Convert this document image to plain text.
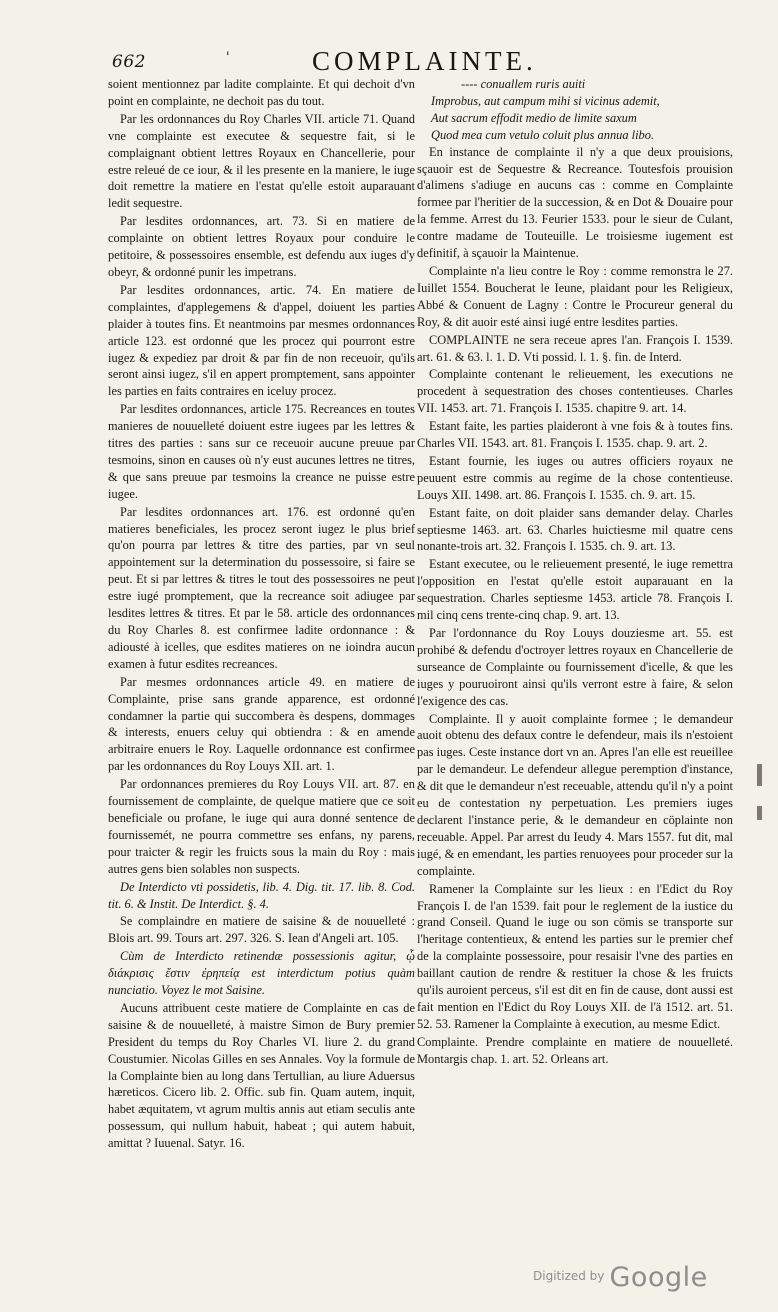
662	'	COMPLAINTE.

soient mentionnez par ladite complainte. Et qui dechoit d'vn point en complainte, ne dechoit pas du tout.

Par les ordonnances du Roy Charles VII. article 71. Quand vne complainte est executee & sequestre fait, si le complaignant obtient lettres Royaux en Chancellerie, pour estre releué de ce iour, & il les presente en la maniere, le iuge doit remettre la matiere en l'estat qu'elle estoit auparauant ledit sequestre.

Par lesdites ordonnances, art. 73. Si en matiere de complainte on obtient lettres Royaux pour conduire le petitoire, & possessoires ensemble, est defendu aux iuges d'y obeyr, & ordonné punir les impetrans.

Par lesdites ordonnances, artic. 74. En matiere de complaintes, d'applegemens & d'appel, doiuent les parties plaider à toutes fins. Et neantmoins par mesmes ordonnances article 123. est ordonné que les procez qui pourront estre iugez & expediez par droit & par fin de non receuoir, qu'ils seront ainsi iugez, s'il en appert promptement, sans appointer les parties en faits contraires en iceluy procez.

Par lesdites ordonnances, article 175. Recreances en toutes manieres de nouuelleté doiuent estre iugees par les lettres & titres des parties : sans sur ce receuoir aucune preuue par tesmoins, sinon en causes où n'y eust aucunes lettres ne titres, & que sans preuue par tesmoins la creance ne puisse estre iugee.

Par lesdites ordonnances art. 176. est ordonné qu'en matieres beneficiales, les procez seront iugez le plus brief qu'on pourra par lettres & titre des parties, par vn seul appointement sur la determination du possessoire, si faire se peut. Et si par lettres & titres le tout des possessoires ne peut estre iugé promptement, que la recreance soit adiugee par lesdites lettres & titres. Et par le 58. article des ordonnances du Roy Charles 8. est confirmee ladite ordonnance : & adiousté à icelles, que esdites matieres on ne ioindra aucun examen à futur esdites recreances.

Par mesmes ordonnances article 49. en matiere de Complainte, prise sans grande apparence, est ordonné condamner la partie qui succombera ès despens, dommages & interests, enuers celuy qui obtiendra : & en amende arbitraire enuers le Roy. Laquelle ordonnance est confirmee par les ordonnances du Roy Louys XII. art. 1.

Par ordonnances premieres du Roy Louys VII. art. 87. en fournissement de complainte, de quelque matiere que ce soit beneficiale ou profane, le iuge qui aura donné sentence de fournissemét, ne pourra commettre ses enfans, ny parens, pour traicter & regir les fruicts sous la main du Roy : mais autres gens bien solables non suspects.

De Interdicto vti possidetis, lib. 4. Dig. tit. 17. lib. 8. Cod. tit. 6. & Instit. De Interdict. §. 4.

Se complaindre en matiere de saisine & de nouuelleté : Blois art. 99. Tours art. 297. 326. S. Iean d'Angeli art. 105.

Cùm de Interdicto retinendæ possessionis agitur, ᾧ διάκρισις ἔστιν ἐρηπείᾳ est interdictum potius quàm nunciatio. Voyez le mot Saisine.

Aucuns attribuent ceste matiere de Complainte en cas de saisine & de nouuelleté, à maistre Simon de Bury premier President du temps du Roy Charles VI. liure 2. du grand Coustumier. Nicolas Gilles en ses Annales. Voy la formule de la Complainte bien au long dans Tertullian, au liure Aduersus hæreticos. Cicero lib. 2. Offic. sub fin. Quam autem, inquit, habet æquitatem, vt agrum multis annis aut etiam seculis ante possessum, qui nullum habuit, habeat ; qui autem habuit, amittat ? Iuuenal. Satyr. 16.

---- conuallem ruris auiti

Improbus, aut campum mihi si vicinus ademit,

Aut sacrum effodit medio de limite saxum

Quod mea cum vetulo coluit plus annua libo.

En instance de complainte il n'y a que deux prouisions, sçauoir est de Sequestre & Recreance. Toutesfois prouision d'alimens s'adiuge en aucuns cas : comme en Complainte formee par l'heritier de la succession, & en Dot & Douaire pour la femme. Arrest du 13. Feurier 1533. pour le sieur de Culant, contre madame de Touteuille. Le troisiesme iugement est definitif, à sçauoir la Maintenue.

Complainte n'a lieu contre le Roy : comme remonstra le 27. Iuillet 1554. Boucherat le Ieune, plaidant pour les Religieux, Abbé & Conuent de Lagny : Contre le Procureur general du Roy, & dit auoir esté ainsi iugé entre lesdites parties.

COMPLAINTE ne sera receue apres l'an. François I. 1539. art. 61. & 63. l. 1. D. Vti possid. l. 1. §. fin. de Interd.

Complainte contenant le relieuement, les executions ne procedent à sequestration des choses contentieuses. Charles VII. 1453. art. 71. François I. 1535. chapitre 9. art. 14.

Estant faite, les parties plaideront à vne fois & à toutes fins. Charles VII. 1543. art. 81. François I. 1535. chap. 9. art. 2.

Estant fournie, les iuges ou autres officiers royaux ne peuuent estre commis au regime de la chose contentieuse. Louys XII. 1498. art. 86. François I. 1535. ch. 9. art. 15.

Estant faite, on doit plaider sans demander delay. Charles septiesme 1463. art. 63. Charles huictiesme mil quatre cens nonante-trois art. 32. François I. 1535. ch. 9. art. 13.

Estant executee, ou le relieuement presenté, le iuge remettra l'opposition en l'estat qu'elle estoit auparauant en la sequestration. Charles septiesme 1453. article 78. François I. mil cinq cens trente-cinq chap. 9. art. 13.

Par l'ordonnance du Roy Louys douziesme art. 55. est prohibé & defendu d'octroyer lettres royaux en Chancellerie de surseance de Complainte ou fournissement d'icelle, & que les iuges y pouruoiront ainsi qu'ils verront estre à faire, & selon l'exigence des cas.

Complainte. Il y auoit complainte formee ; le demandeur auoit obtenu des defaux contre le defendeur, mais ils n'estoient pas iuges. Ceste instance dort vn an. Apres l'an elle est reueillee par le demandeur. Le defendeur allegue peremption d'instance, & dit que le demandeur n'est receuable, attendu qu'il n'y a point eu de contestation ny perpetuation. Les premiers iuges declarent l'instance perie, & le demandeur en cöplainte non receuable. Appel. Par arrest du Ieudy 4. Mars 1557. fut dit, mal iugé, & en emendant, les parties renuoyees pour proceder sur la complainte.

Ramener la Complainte sur les lieux : en l'Edict du Roy François I. de l'an 1539. fait pour le reglement de la iustice du grand Conseil. Quand le iuge ou son cömis se transporte sur l'heritage contentieux, & entend les parties sur le premier chef de la complainte possessoire, pour resaisir l'vne des parties en baillant caution de rendre & restituer la chose & les fruicts qu'ils auroient perceus, s'il est dit en fin de cause, dont aussi est fait mention en l'Edict du Roy Louys XII. de l'ä 1512. art. 51. 52. 53. Ramener la Complainte à execution, au mesme Edict.

Complainte. Prendre complainte en matiere de nouuelleté. Montargis chap. 1. art. 52. Orleans art.

$^{Digitized by}$ Google
